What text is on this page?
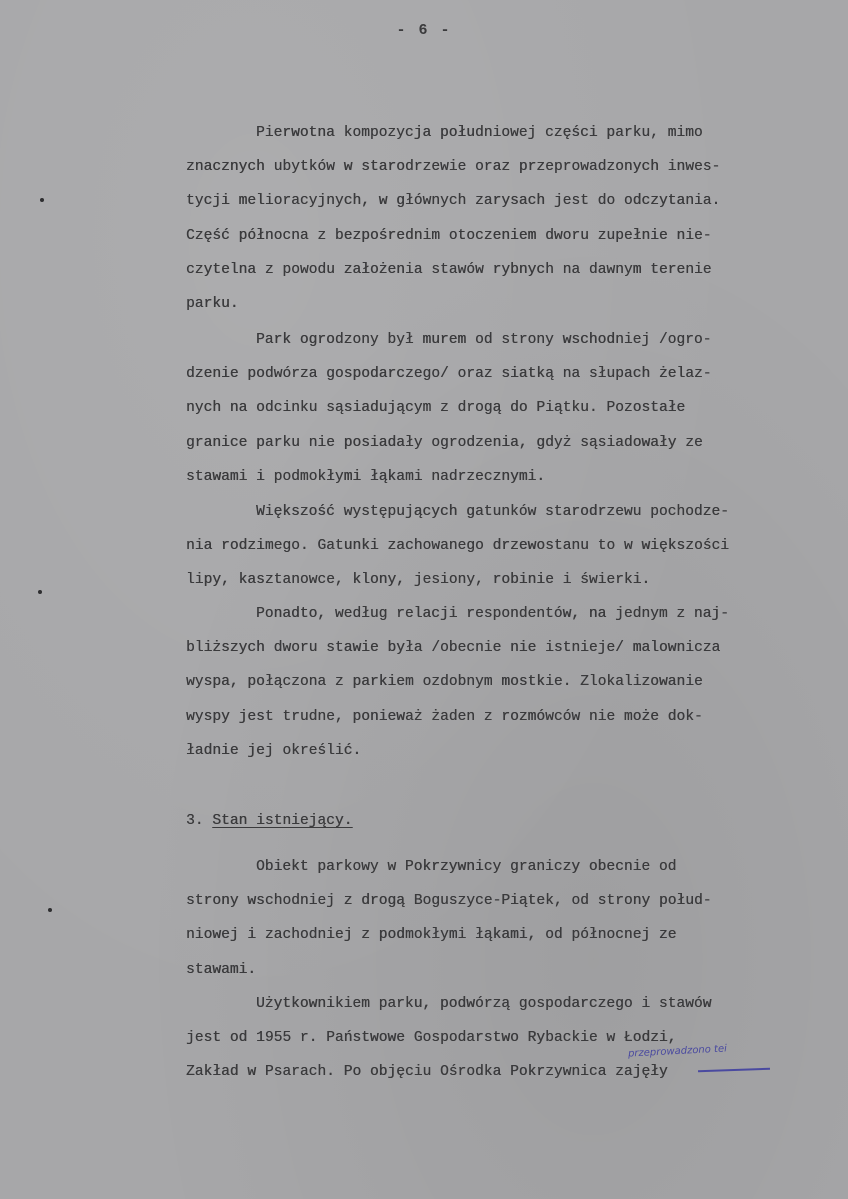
- 6 -
Pierwotna kompozycja południowej części parku, mimo
znacznych ubytków w starodrzewie oraz przeprowadzonych inwes-
tycji melioracyjnych, w głównych zarysach jest do odczytania.
Część północna z bezpośrednim otoczeniem dworu zupełnie nie-
czytelna z powodu założenia stawów rybnych na dawnym terenie
parku.
Park ogrodzony był murem od strony wschodniej /ogro-
dzenie podwórza gospodarczego/ oraz siatką na słupach żelaz-
nych na odcinku sąsiadującym z drogą do Piątku. Pozostałe
granice parku nie posiadały ogrodzenia, gdyż sąsiadowały ze
stawami i podmokłymi łąkami nadrzecznymi.
Większość występujących gatunków starodrzewu pochodze-
nia rodzimego. Gatunki zachowanego drzewostanu to w większości
lipy, kasztanowce, klony, jesiony, robinie i świerki.
Ponadto, według relacji respondentów, na jednym z naj-
bliższych dworu stawie była /obecnie nie istnieje/ malownicza
wyspa, połączona z parkiem ozdobnym mostkie. Zlokalizowanie
wyspy jest trudne, ponieważ żaden z rozmówców nie może dok-
ładnie jej określić.
3. Stan istniejący.
Obiekt parkowy w Pokrzywnicy graniczy obecnie od
strony wschodniej z drogą Boguszyce-Piątek, od strony połud-
niowej i zachodniej z podmokłymi łąkami, od północnej ze
stawami.
Użytkownikiem parku, podwórzą gospodarczego i stawów
jest od 1955 r. Państwowe Gospodarstwo Rybackie w Łodzi,
Zakład w Psarach. Po objęciu Ośrodka Pokrzywnica zajęły
przeprowadzono tei
